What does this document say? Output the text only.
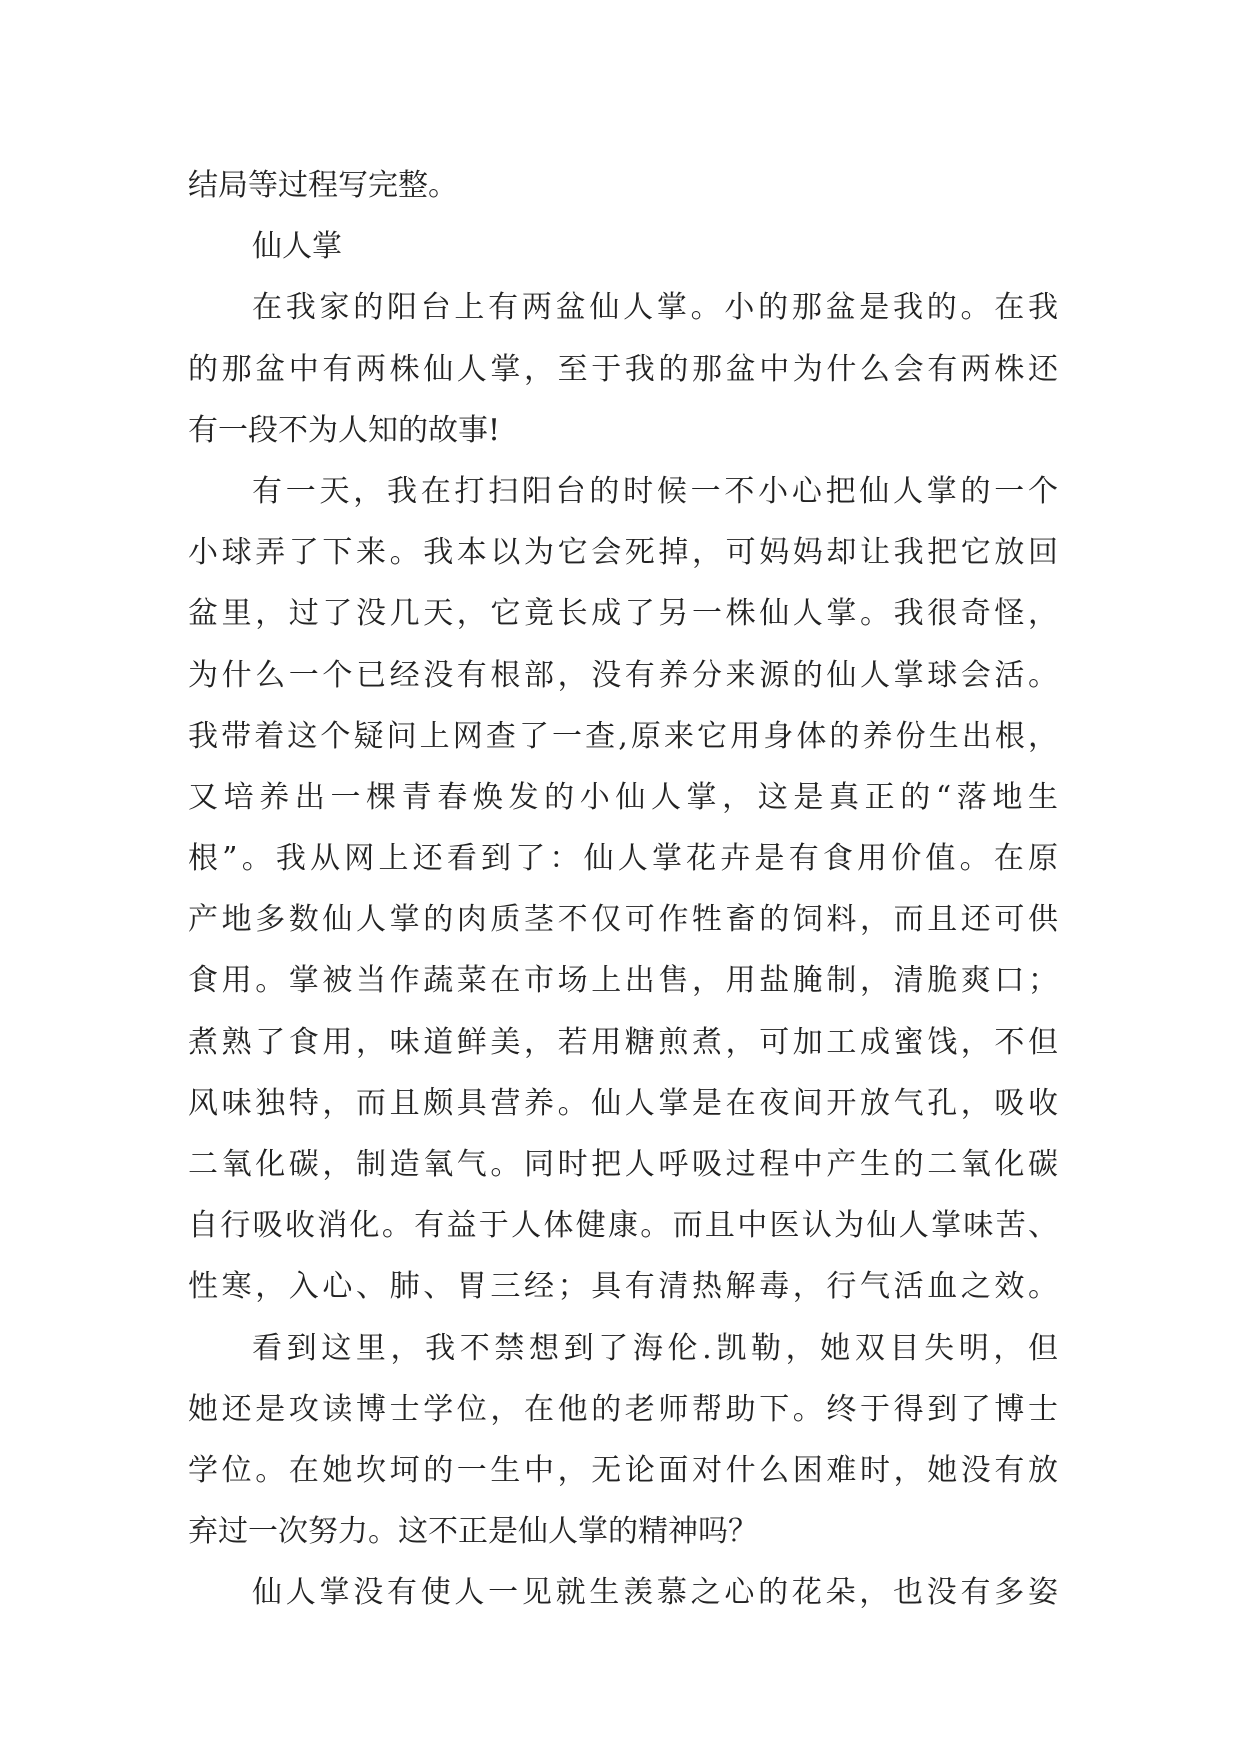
结局等过程写完整。
仙人掌
在我家的阳台上有两盆仙人掌。小的那盆是我的。在我
的那盆中有两株仙人掌，至于我的那盆中为什么会有两株还
有一段不为人知的故事!
有一天，我在打扫阳台的时候一不小心把仙人掌的一个
小球弄了下来。我本以为它会死掉，可妈妈却让我把它放回
盆里，过了没几天，它竟长成了另一株仙人掌。我很奇怪，
为什么一个已经没有根部，没有养分来源的仙人掌球会活。
我带着这个疑问上网查了一查,原来它用身体的养份生出根，
又培养出一棵青春焕发的小仙人掌，这是真正的“落地生
根”。我从网上还看到了：仙人掌花卉是有食用价值。在原
产地多数仙人掌的肉质茎不仅可作牲畜的饲料，而且还可供
食用。掌被当作蔬菜在市场上出售，用盐腌制，清脆爽口；
煮熟了食用，味道鲜美，若用糖煎煮，可加工成蜜饯，不但
风味独特，而且颇具营养。仙人掌是在夜间开放气孔，吸收
二氧化碳，制造氧气。同时把人呼吸过程中产生的二氧化碳
自行吸收消化。有益于人体健康。而且中医认为仙人掌味苦、
性寒，入心、肺、胃三经；具有清热解毒，行气活血之效。
看到这里，我不禁想到了海伦.凯勒，她双目失明，但
她还是攻读博士学位，在他的老师帮助下。终于得到了博士
学位。在她坎坷的一生中，无论面对什么困难时，她没有放
弃过一次努力。这不正是仙人掌的精神吗？
仙人掌没有使人一见就生羡慕之心的花朵，也没有多姿
